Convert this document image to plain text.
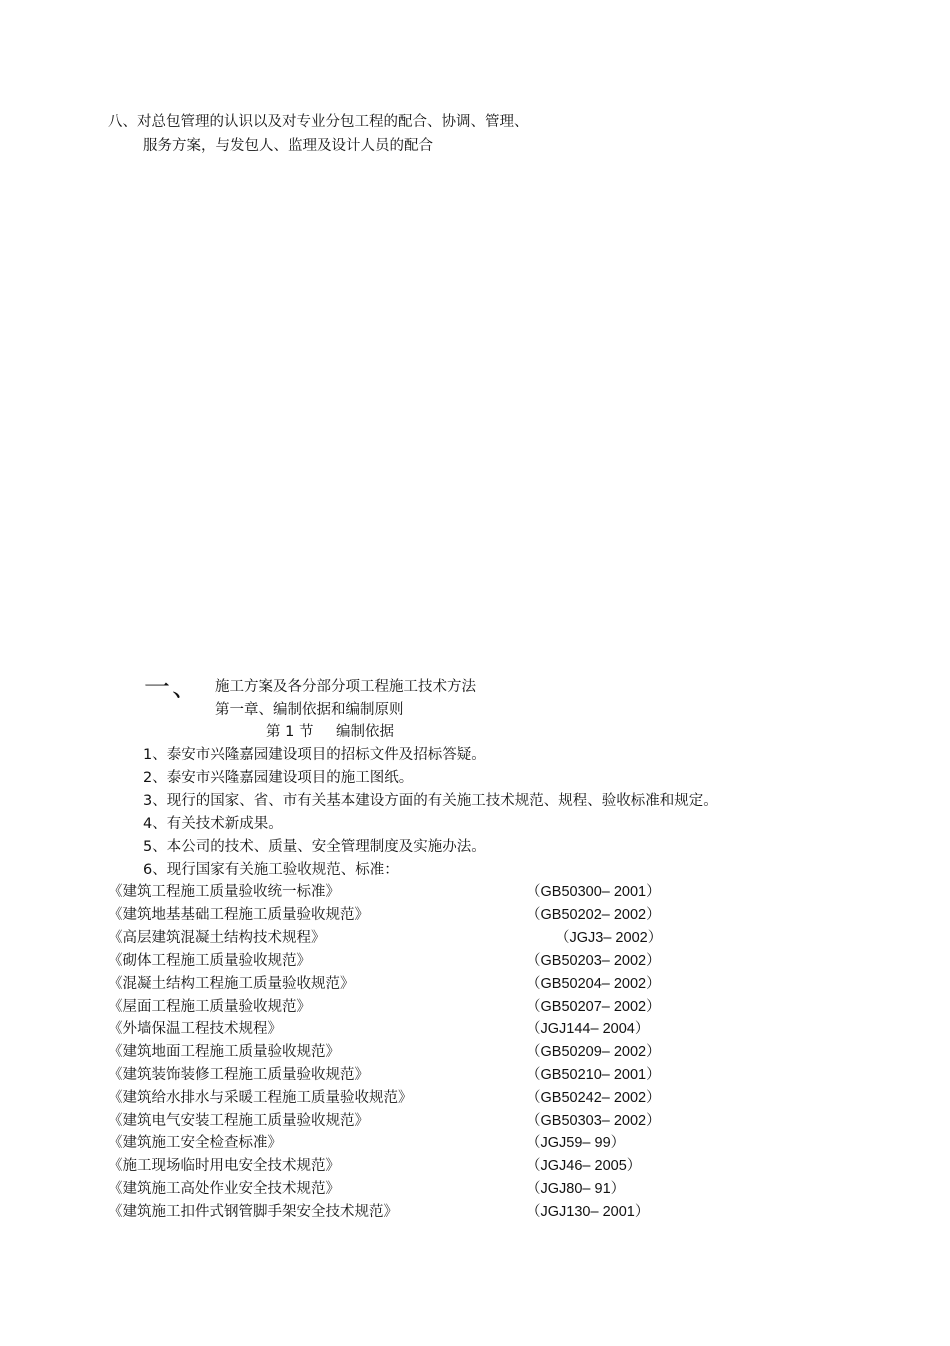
八、对总包管理的认识以及对专业分包工程的配合、协调、管理、
服务方案，与发包人、监理及设计人员的配合
一、 施工方案及各分部分项工程施工技术方法
第一章、编制依据和编制原则
第 1 节 编制依据
1、泰安市兴隆嘉园建设项目的招标文件及招标答疑。
2、泰安市兴隆嘉园建设项目的施工图纸。
3、现行的国家、省、市有关基本建设方面的有关施工技术规范、规程、验收标准和规定。
4、有关技术新成果。
5、本公司的技术、质量、安全管理制度及实施办法。
6、现行国家有关施工验收规范、标准：
《建筑工程施工质量验收统一标准》	（GB50300– 2001）
《建筑地基基础工程施工质量验收规范》	（GB50202– 2002）
《高层建筑混凝土结构技术规程》	（JGJ3– 2002）
《砌体工程施工质量验收规范》	（GB50203– 2002）
《混凝土结构工程施工质量验收规范》	（GB50204– 2002）
《屋面工程施工质量验收规范》	（GB50207– 2002）
《外墙保温工程技术规程》	（JGJ144– 2004）
《建筑地面工程施工质量验收规范》	（GB50209– 2002）
《建筑装饰装修工程施工质量验收规范》	（GB50210– 2001）
《建筑给水排水与采暖工程施工质量验收规范》	（GB50242– 2002）
《建筑电气安装工程施工质量验收规范》	（GB50303– 2002）
《建筑施工安全检查标准》	（JGJ59– 99）
《施工现场临时用电安全技术规范》	（JGJ46– 2005）
《建筑施工高处作业安全技术规范》	（JGJ80– 91）
《建筑施工扣件式钢管脚手架安全技术规范》	（JGJ130– 2001）
